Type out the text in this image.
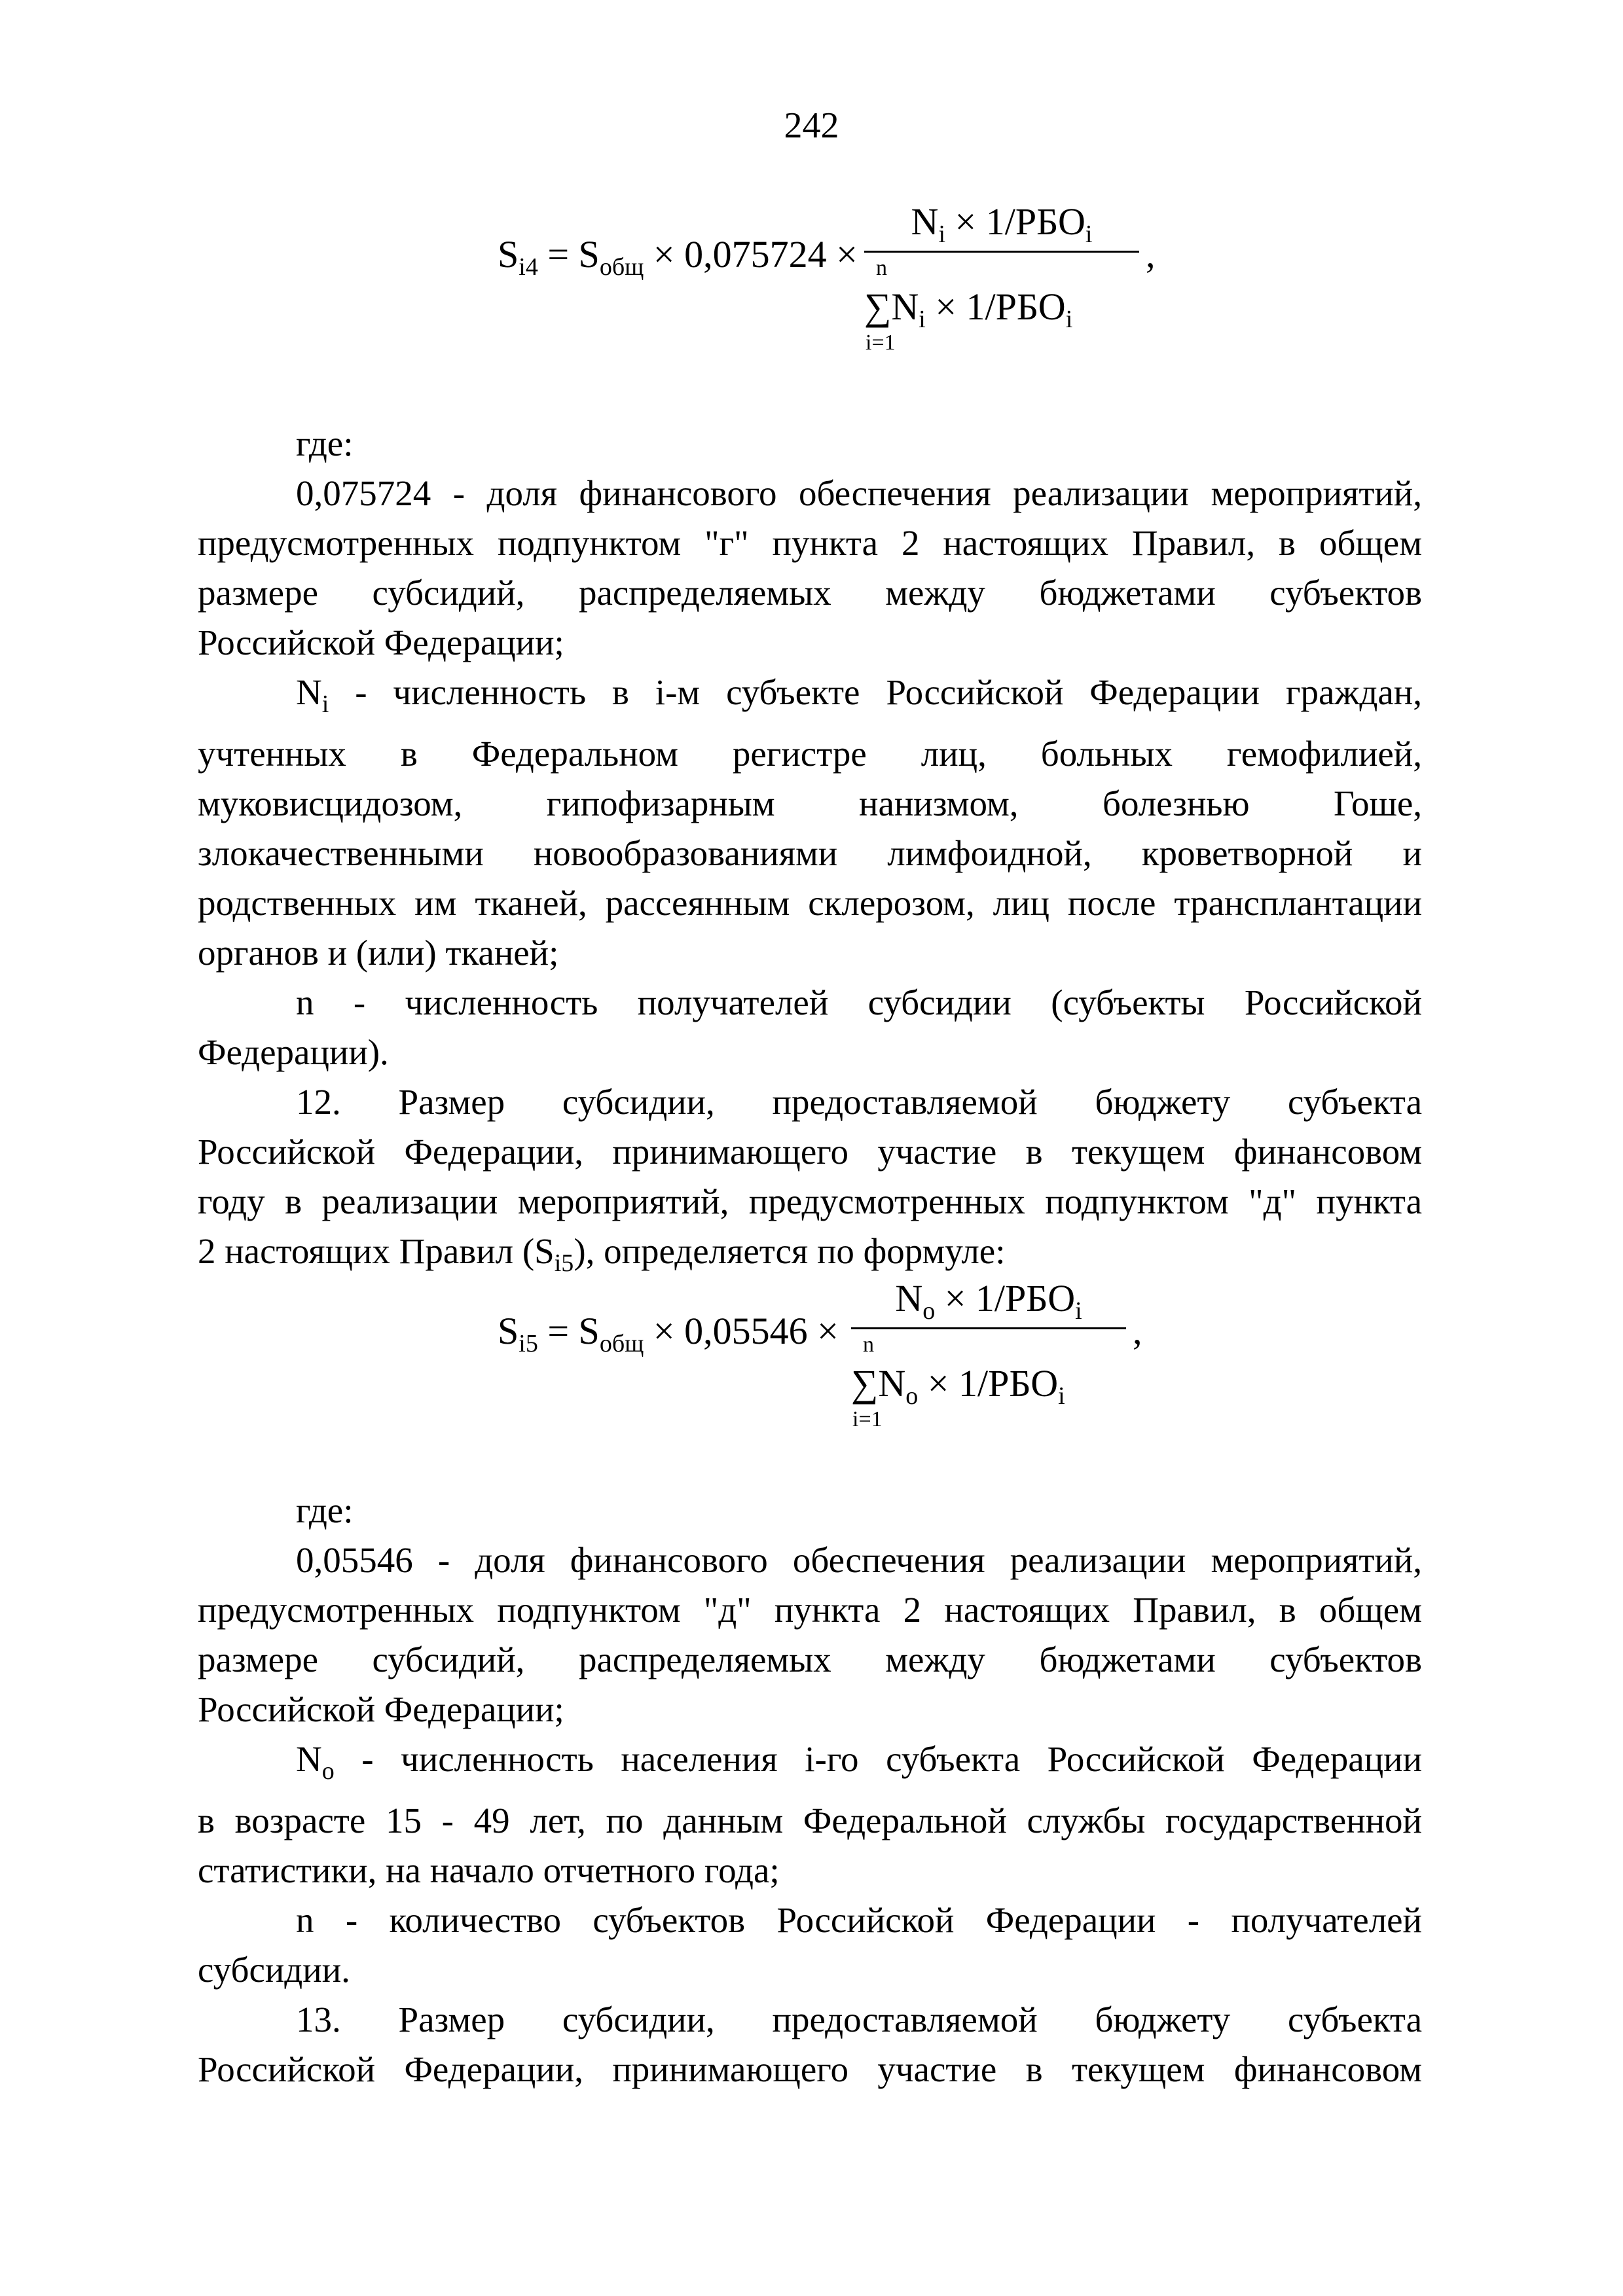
242
$S_{i4} = S_{общ} \times 0,075724$ ×
$N_i \times 1/РБО_i$
n
$\sum N_i \times 1/РБО_i$
i=1
,
где:
0,075724 - доля финансового обеспечения реализации мероприятий,
предусмотренных подпунктом "г" пункта 2 настоящих Правил, в общем
размере субсидий, распределяемых между бюджетами субъектов
Российской Федерации;
$N_i$ - численность в i-м субъекте Российской Федерации граждан,
учтенных в Федеральном регистре лиц, больных гемофилией,
муковисцидозом, гипофизарным нанизмом, болезнью Гоше,
злокачественными новообразованиями лимфоидной, кроветворной и
родственных им тканей, рассеянным склерозом, лиц после трансплантации
органов и (или) тканей;
n - численность получателей субсидии (субъекты Российской
Федерации).
12. Размер субсидии, предоставляемой бюджету субъекта
Российской Федерации, принимающего участие в текущем финансовом
году в реализации мероприятий, предусмотренных подпунктом "д" пункта
2 настоящих Правил $(S_{i5})$, определяется по формуле:
$S_{i5} = S_{общ} \times 0,05546$ ×
$N_o \times 1/РБО_i$
n
$\sum N_o \times 1/РБО_i$
i=1
,
где:
0,05546 - доля финансового обеспечения реализации мероприятий,
предусмотренных подпунктом "д" пункта 2 настоящих Правил, в общем
размере субсидий, распределяемых между бюджетами субъектов
Российской Федерации;
$N_o$ - численность населения i-го субъекта Российской Федерации
в возрасте 15 - 49 лет, по данным Федеральной службы государственной
статистики, на начало отчетного года;
n - количество субъектов Российской Федерации - получателей
субсидии.
13. Размер субсидии, предоставляемой бюджету субъекта
Российской Федерации, принимающего участие в текущем финансовом
